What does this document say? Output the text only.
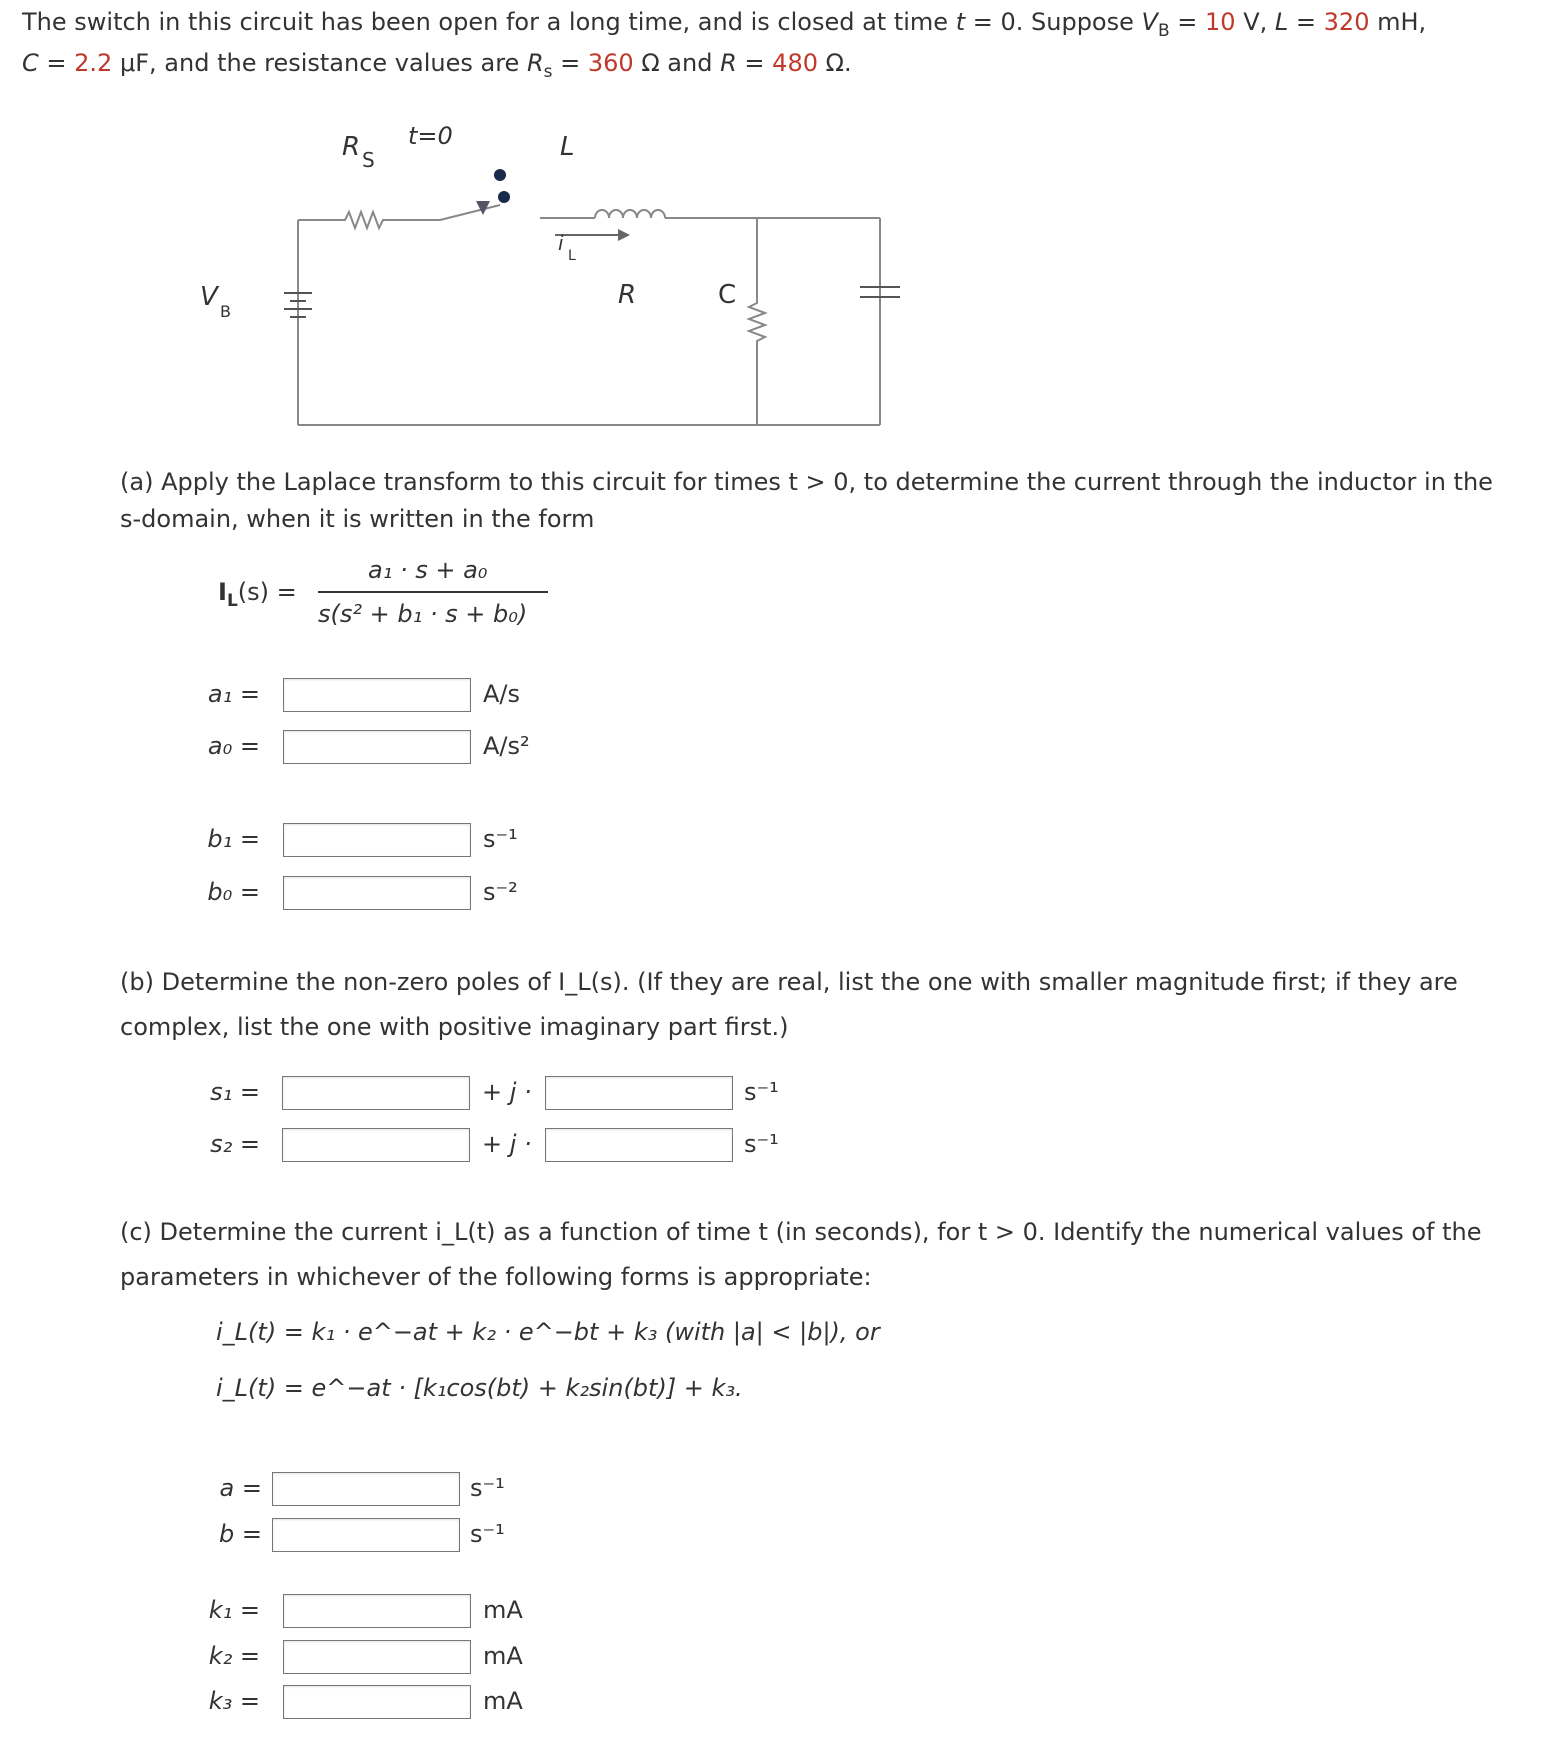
The switch in this circuit has been open for a long time, and is closed at time t = 0. Suppose $V_B = 10$ V, L = 320 mH,
C = 2.2 μF, and the resistance values are $R_s = 360$ Ω and R = 480 Ω.
R S
t=0	L
i
L
V B
R	C
(a) Apply the Laplace transform to this circuit for times t > 0, to determine the current through the inductor in the
s-domain, when it is written in the form
$I_L(s)$ =
a₁ · s + a₀
s(s² + b₁ · s + b₀)
a₁ =	A/s
a₀ =	A/s²
b₁ =	s⁻¹
b₀ =	s⁻²
(b) Determine the non-zero poles of I_L(s). (If they are real, list the one with smaller magnitude first; if they are
complex, list the one with positive imaginary part first.)
s₁ =	+ j ·	s⁻¹
s₂ =	+ j ·	s⁻¹
(c) Determine the current i_L(t) as a function of time t (in seconds), for t > 0. Identify the numerical values of the
parameters in whichever of the following forms is appropriate:
i_L(t) = k₁ · e^−at + k₂ · e^−bt + k₃ (with |a| < |b|), or
i_L(t) = e^−at · [k₁cos(bt) + k₂sin(bt)] + k₃.
a =	s⁻¹
b =	s⁻¹
k₁ =	mA
k₂ =	mA
k₃ =	mA
